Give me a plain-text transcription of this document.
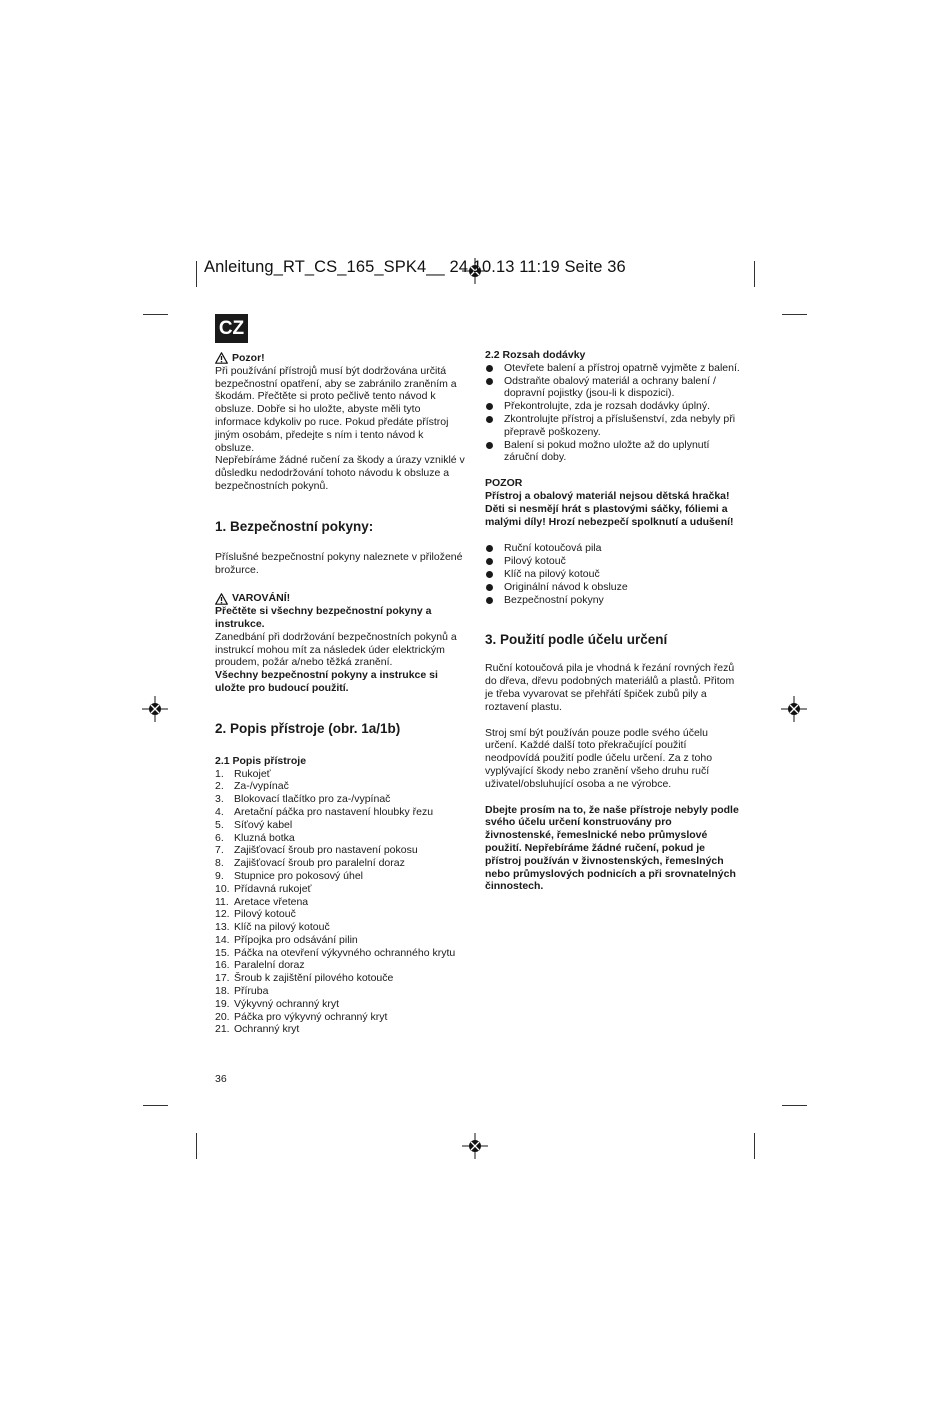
Anleitung_RT_CS_165_SPK4__ 24.10.13 11:19 Seite 36
CZ
Pozor!

Při používání přístrojů musí být dodržována určitá bezpečnostní opatření, aby se zabránilo zraněním a škodám. Přečtěte si proto pečlivě tento návod k obsluze. Dobře si ho uložte, abyste měli tyto informace kdykoliv po ruce. Pokud předáte přístroj jiným osobám, předejte s ním i tento návod k obsluze.

Nepřebíráme žádné ručení za škody a úrazy vzniklé v důsledku nedodržování tohoto návodu k obsluze a bezpečnostních pokynů.

1. Bezpečnostní pokyny:

Příslušné bezpečnostní pokyny naleznete v přiložené brožurce.

VAROVÁNÍ!

Přečtěte si všechny bezpečnostní pokyny a instrukce.

Zanedbání při dodržování bezpečnostních pokynů a instrukcí mohou mít za následek úder elektrickým proudem, požár a/nebo těžká zranění.

Všechny bezpečnostní pokyny a instrukce si uložte pro budoucí použití.

2. Popis přístroje (obr. 1a/1b)

2.1 Popis přístroje

1. Rukojeť
2. Za-/vypínač
3. Blokovací tlačítko pro za-/vypínač
4. Aretační páčka pro nastavení hloubky řezu
5. Síťový kabel
6. Kluzná botka
7. Zajišťovací šroub pro nastavení pokosu
8. Zajišťovací šroub pro paralelní doraz
9. Stupnice pro pokosový úhel
10. Přídavná rukojeť
11. Aretace vřetena
12. Pilový kotouč
13. Klíč na pilový kotouč
14. Přípojka pro odsávání pilin
15. Páčka na otevření výkyvného ochranného krytu
16. Paralelní doraz
17. Šroub k zajištění pilového kotouče
18. Příruba
19. Výkyvný ochranný kryt
20. Páčka pro výkyvný ochranný kryt
21. Ochranný kryt

2.2 Rozsah dodávky

Otevřete balení a přístroj opatrně vyjměte z balení.
Odstraňte obalový materiál a ochrany balení / dopravní pojistky (jsou-li k dispozici).
Překontrolujte, zda je rozsah dodávky úplný.
Zkontrolujte přístroj a příslušenství, zda nebyly při přepravě poškozeny.
Balení si pokud možno uložte až do uplynutí záruční doby.

POZOR

Přístroj a obalový materiál nejsou dětská hračka! Děti si nesmějí hrát s plastovými sáčky, fóliemi a malými díly! Hrozí nebezpečí spolknutí a udušení!

Ruční kotoučová pila
Pilový kotouč
Klíč na pilový kotouč
Originální návod k obsluze
Bezpečnostní pokyny

3. Použití podle účelu určení

Ruční kotoučová pila je vhodná k řezání rovných řezů do dřeva, dřevu podobných materiálů a plastů. Přitom je třeba vyvarovat se přehřátí špiček zubů pily a roztavení plastu.

Stroj smí být používán pouze podle svého účelu určení. Každé další toto překračující použití neodpovídá použití podle účelu určení. Za z toho vyplývající škody nebo zranění všeho druhu ručí uživatel/obsluhující osoba a ne výrobce.

Dbejte prosím na to, že naše přístroje nebyly podle svého účelu určení konstruovány pro živnostenské, řemeslnické nebo průmyslové použití. Nepřebíráme žádné ručení, pokud je přístroj používán v živnostenských, řemeslných nebo průmyslových podnicích a při srovnatelných činnostech.

36
